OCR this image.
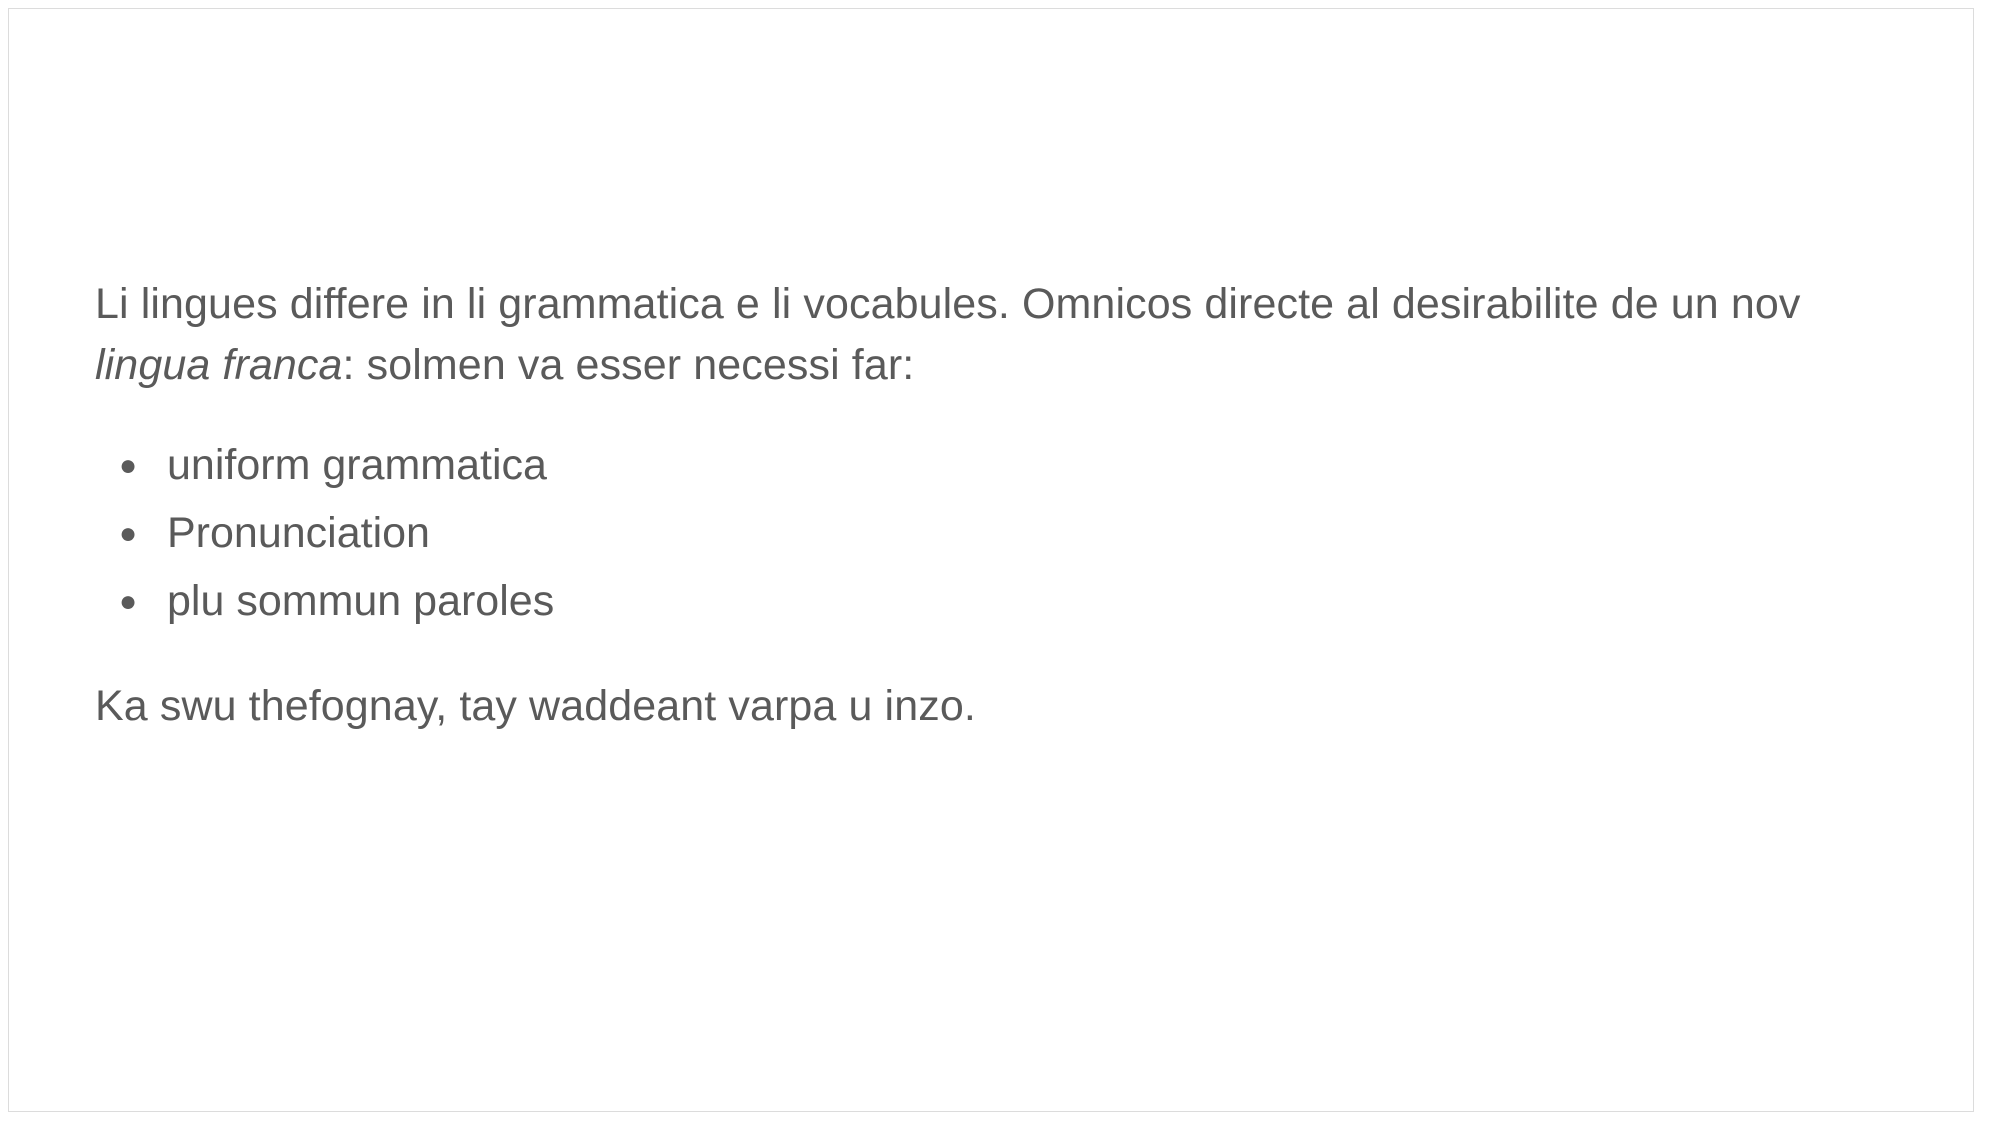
Li lingues differe in li grammatica e li vocabules. Omnicos directe al desirabilite de un nov lingua franca: solmen va esser necessi far:

● uniform grammatica
● Pronunciation
● plu sommun paroles

Ka swu thefognay, tay waddeant varpa u inzo.
